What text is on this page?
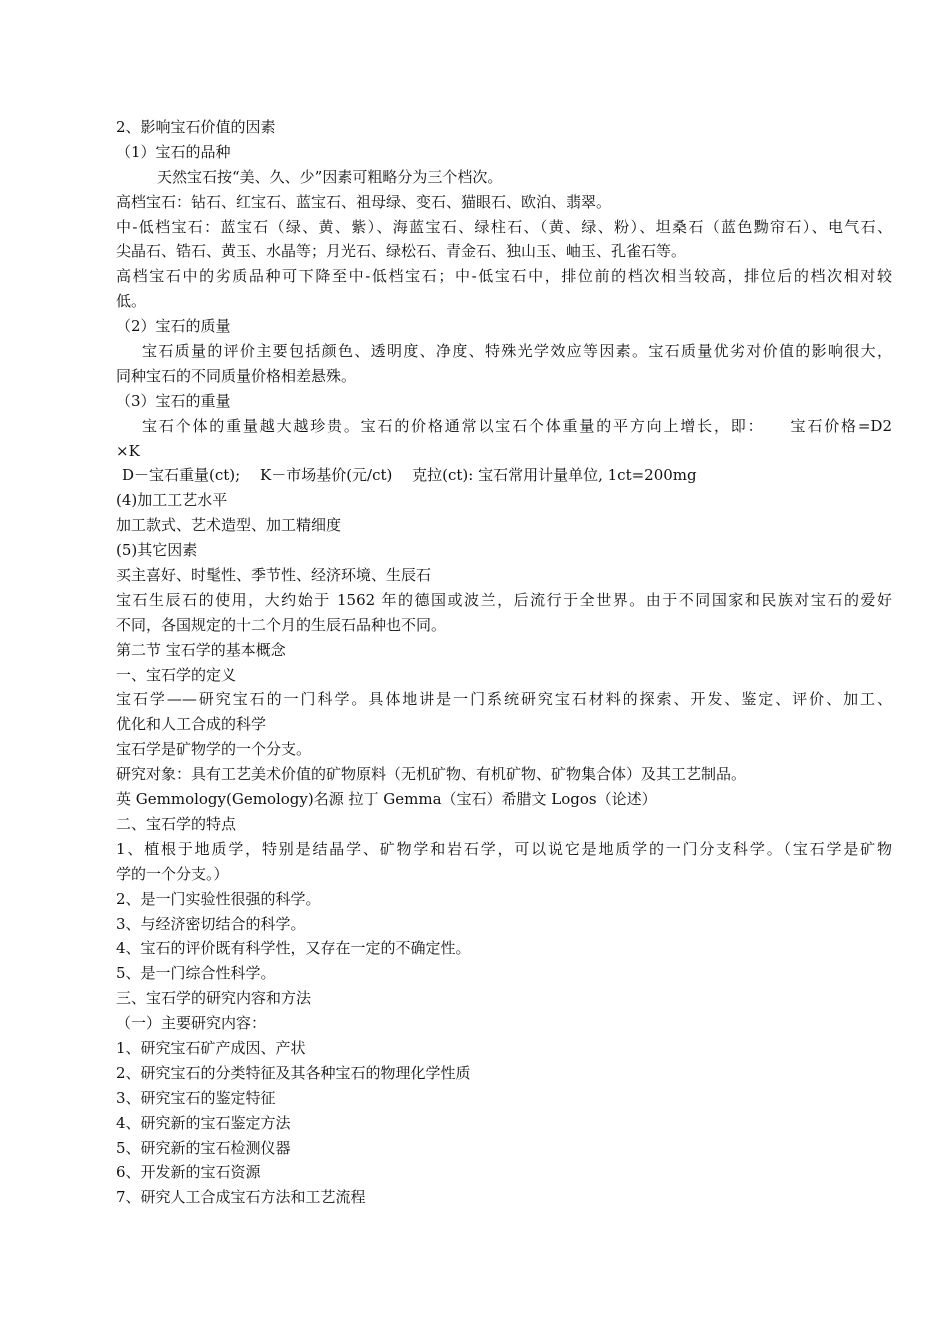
2、影响宝石价值的因素
（1）宝石的品种
天然宝石按“美、久、少”因素可粗略分为三个档次。
高档宝石：钻石、红宝石、蓝宝石、祖母绿、变石、猫眼石、欧泊、翡翠。
中-低档宝石：蓝宝石（绿、黄、紫）、海蓝宝石、绿柱石、（黄、绿、粉）、坦桑石（蓝色黝帘石）、电气石、
尖晶石、锆石、黄玉、水晶等；月光石、绿松石、青金石、独山玉、岫玉、孔雀石等。
高档宝石中的劣质品种可下降至中-低档宝石；中-低宝石中，排位前的档次相当较高，排位后的档次相对较
低。
（2）宝石的质量
宝石质量的评价主要包括颜色、透明度、净度、特殊光学效应等因素。宝石质量优劣对价值的影响很大，
同种宝石的不同质量价格相差悬殊。
（3）宝石的重量
宝石个体的重量越大越珍贵。宝石的价格通常以宝石个体重量的平方向上增长，即：　　宝石价格=D2
×K
D－宝石重量(ct);　 K－市场基价(元/ct)　 克拉(ct): 宝石常用计量单位, 1ct=200mg
(4)加工工艺水平
加工款式、艺术造型、加工精细度
(5)其它因素
买主喜好、时髦性、季节性、经济环境、生辰石
宝石生辰石的使用，大约始于 1562 年的德国或波兰，后流行于全世界。由于不同国家和民族对宝石的爱好
不同，各国规定的十二个月的生辰石品种也不同。
第二节 宝石学的基本概念
一、宝石学的定义
宝石学——研究宝石的一门科学。具体地讲是一门系统研究宝石材料的探索、开发、鉴定、评价、加工、
优化和人工合成的科学
宝石学是矿物学的一个分支。
研究对象：具有工艺美术价值的矿物原料（无机矿物、有机矿物、矿物集合体）及其工艺制品。
英 Gemmology(Gemology)名源 拉丁 Gemma（宝石）希腊文 Logos（论述）
二、宝石学的特点
1、植根于地质学，特别是结晶学、矿物学和岩石学，可以说它是地质学的一门分支科学。（宝石学是矿物
学的一个分支。）
2、是一门实验性很强的科学。
3、与经济密切结合的科学。
4、宝石的评价既有科学性，又存在一定的不确定性。
5、是一门综合性科学。
三、宝石学的研究内容和方法
（一）主要研究内容：
1、研究宝石矿产成因、产状
2、研究宝石的分类特征及其各种宝石的物理化学性质
3、研究宝石的鉴定特征
4、研究新的宝石鉴定方法
5、研究新的宝石检测仪器
6、开发新的宝石资源
7、研究人工合成宝石方法和工艺流程
